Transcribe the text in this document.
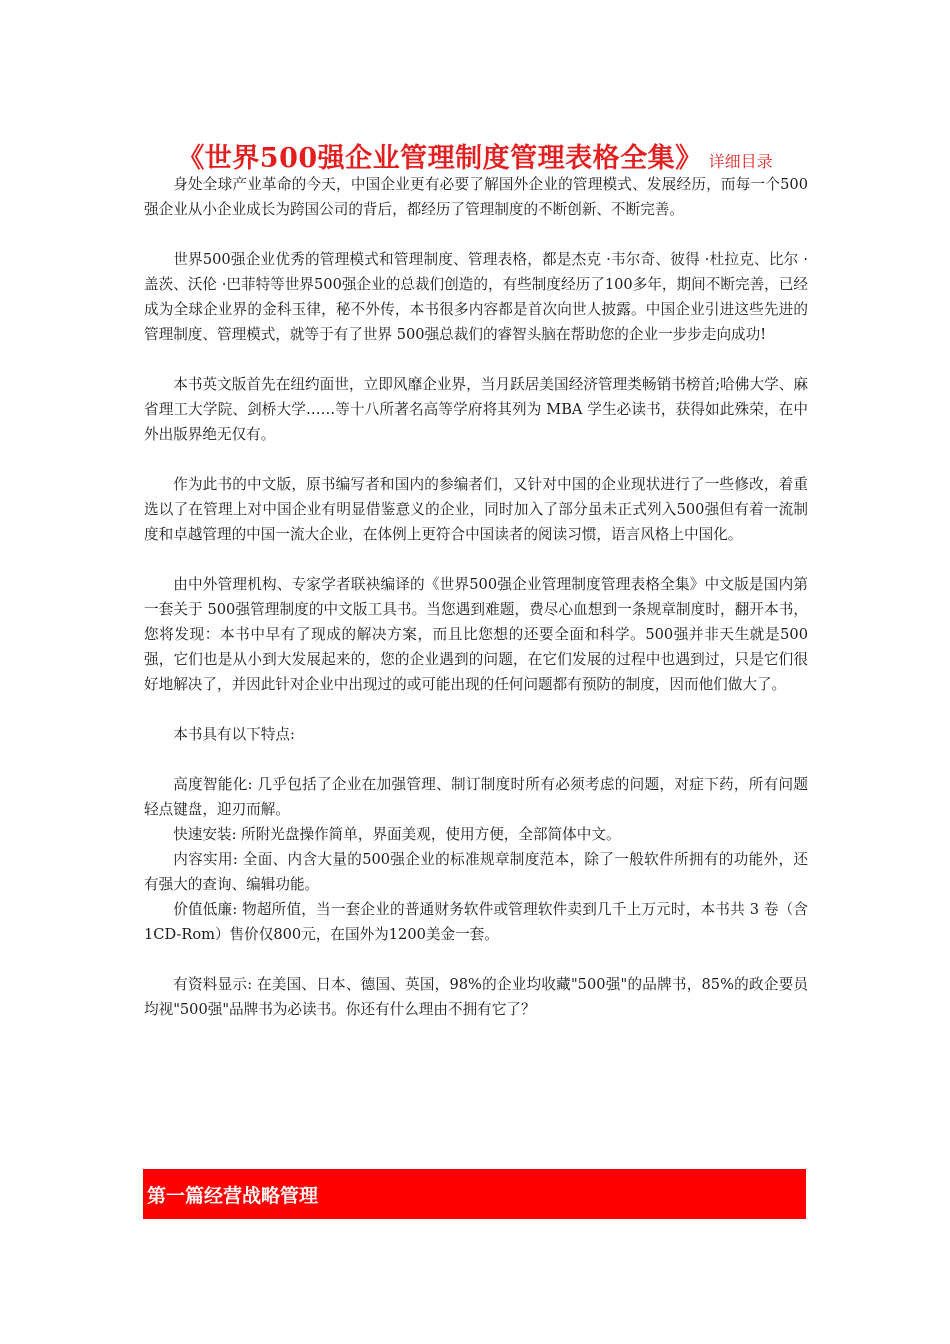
《世界500强企业管理制度管理表格全集》 详细目录

身处全球产业革命的今天，中国企业更有必要了解国外企业的管理模式、发展经历，而每一个500强企业从小企业成长为跨国公司的背后，都经历了管理制度的不断创新、不断完善。

世界500强企业优秀的管理模式和管理制度、管理表格，都是杰克 ·韦尔奇、彼得 ·杜拉克、比尔 ·盖茨、沃伦 ·巴菲特等世界500强企业的总裁们创造的，有些制度经历了100多年，期间不断完善，已经成为全球企业界的金科玉律，秘不外传，本书很多内容都是首次向世人披露。中国企业引进这些先进的管理制度、管理模式，就等于有了世界 500强总裁们的睿智头脑在帮助您的企业一步步走向成功!

本书英文版首先在纽约面世，立即风靡企业界，当月跃居美国经济管理类畅销书榜首;哈佛大学、麻省理工大学院、剑桥大学……等十八所著名高等学府将其列为 MBA 学生必读书，获得如此殊荣，在中外出版界绝无仅有。

作为此书的中文版，原书编写者和国内的参编者们，又针对中国的企业现状进行了一些修改，着重选以了在管理上对中国企业有明显借鉴意义的企业，同时加入了部分虽未正式列入500强但有着一流制度和卓越管理的中国一流大企业，在体例上更符合中国读者的阅读习惯，语言风格上中国化。

由中外管理机构、专家学者联袂编译的《世界500强企业管理制度管理表格全集》中文版是国内第一套关于 500强管理制度的中文版工具书。当您遇到难题，费尽心血想到一条规章制度时，翻开本书，您将发现：本书中早有了现成的解决方案，而且比您想的还要全面和科学。500强并非天生就是500强，它们也是从小到大发展起来的，您的企业遇到的问题，在它们发展的过程中也遇到过，只是它们很好地解决了，并因此针对企业中出现过的或可能出现的任何问题都有预防的制度，因而他们做大了。

本书具有以下特点:

高度智能化: 几乎包括了企业在加强管理、制订制度时所有必须考虑的问题，对症下药，所有问题轻点键盘，迎刃而解。

快速安装: 所附光盘操作简单，界面美观，使用方便，全部简体中文。

内容实用: 全面、内含大量的500强企业的标准规章制度范本，除了一般软件所拥有的功能外，还有强大的查询、编辑功能。

价值低廉: 物超所值，当一套企业的普通财务软件或管理软件卖到几千上万元时，本书共 3 卷（含1CD-Rom）售价仅800元，在国外为1200美金一套。

有资料显示: 在美国、日本、德国、英国，98%的企业均收藏"500强"的品牌书，85%的政企要员均视"500强"品牌书为必读书。你还有什么理由不拥有它了？

第一篇经营战略管理
